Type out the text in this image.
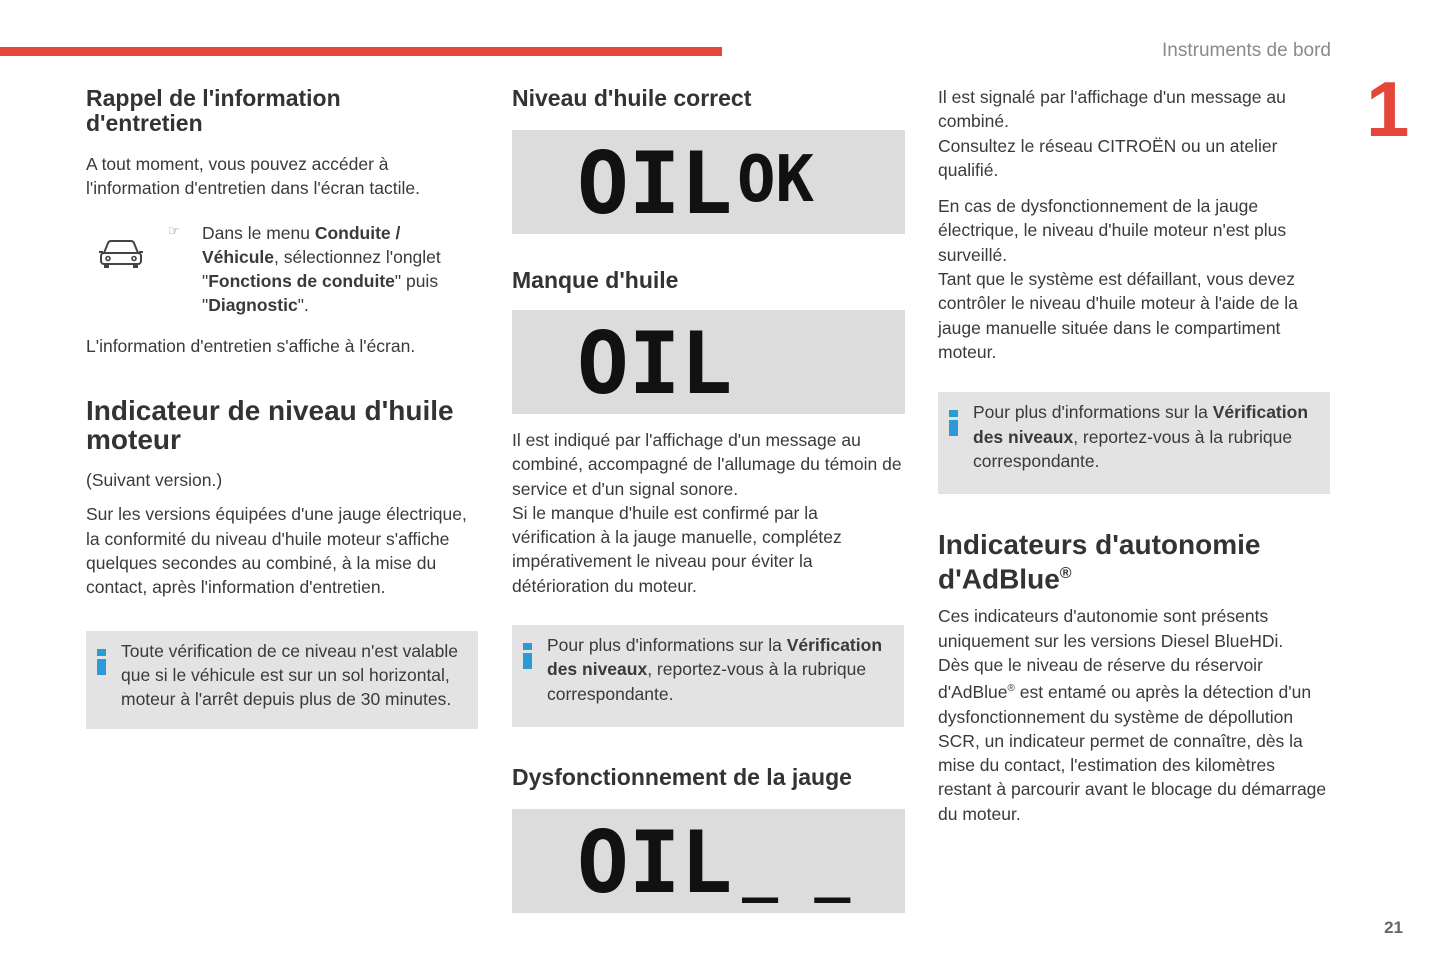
Instruments de bord
1
21
Rappel de l'information d'entretien

A tout moment, vous pouvez accéder à l'information d'entretien dans l'écran tactile.

☞	Dans le menu Conduite / Véhicule, sélectionnez l'onglet "Fonctions de conduite" puis "Diagnostic".

L'information d'entretien s'affiche à l'écran.

Indicateur de niveau d'huile moteur

(Suivant version.)

Sur les versions équipées d'une jauge électrique, la conformité du niveau d'huile moteur s'affiche quelques secondes au combiné, à la mise du contact, après l'information d'entretien.

Toute vérification de ce niveau n'est valable que si le véhicule est sur un sol horizontal, moteur à l'arrêt depuis plus de 30 minutes.

Niveau d'huile correct
OIL OK
Manque d'huile
OIL

Il est indiqué par l'affichage d'un message au combiné, accompagné de l'allumage du témoin de service et d'un signal sonore.

Si le manque d'huile est confirmé par la vérification à la jauge manuelle, complétez impérativement le niveau pour éviter la détérioration du moteur.

Pour plus d'informations sur la Vérification des niveaux, reportez-vous à la rubrique correspondante.

Dysfonctionnement de la jauge
OIL _ _

Il est signalé par l'affichage d'un message au combiné.

Consultez le réseau CITROËN ou un atelier qualifié.

En cas de dysfonctionnement de la jauge électrique, le niveau d'huile moteur n'est plus surveillé.

Tant que le système est défaillant, vous devez contrôler le niveau d'huile moteur à l'aide de la jauge manuelle située dans le compartiment moteur.

Pour plus d'informations sur la Vérification des niveaux, reportez-vous à la rubrique correspondante.

Indicateurs d'autonomie d'AdBlue®

Ces indicateurs d'autonomie sont présents uniquement sur les versions Diesel BlueHDi.

Dès que le niveau de réserve du réservoir d'AdBlue® est entamé ou après la détection d'un dysfonctionnement du système de dépollution SCR, un indicateur permet de connaître, dès la mise du contact, l'estimation des kilomètres restant à parcourir avant le blocage du démarrage du moteur.
